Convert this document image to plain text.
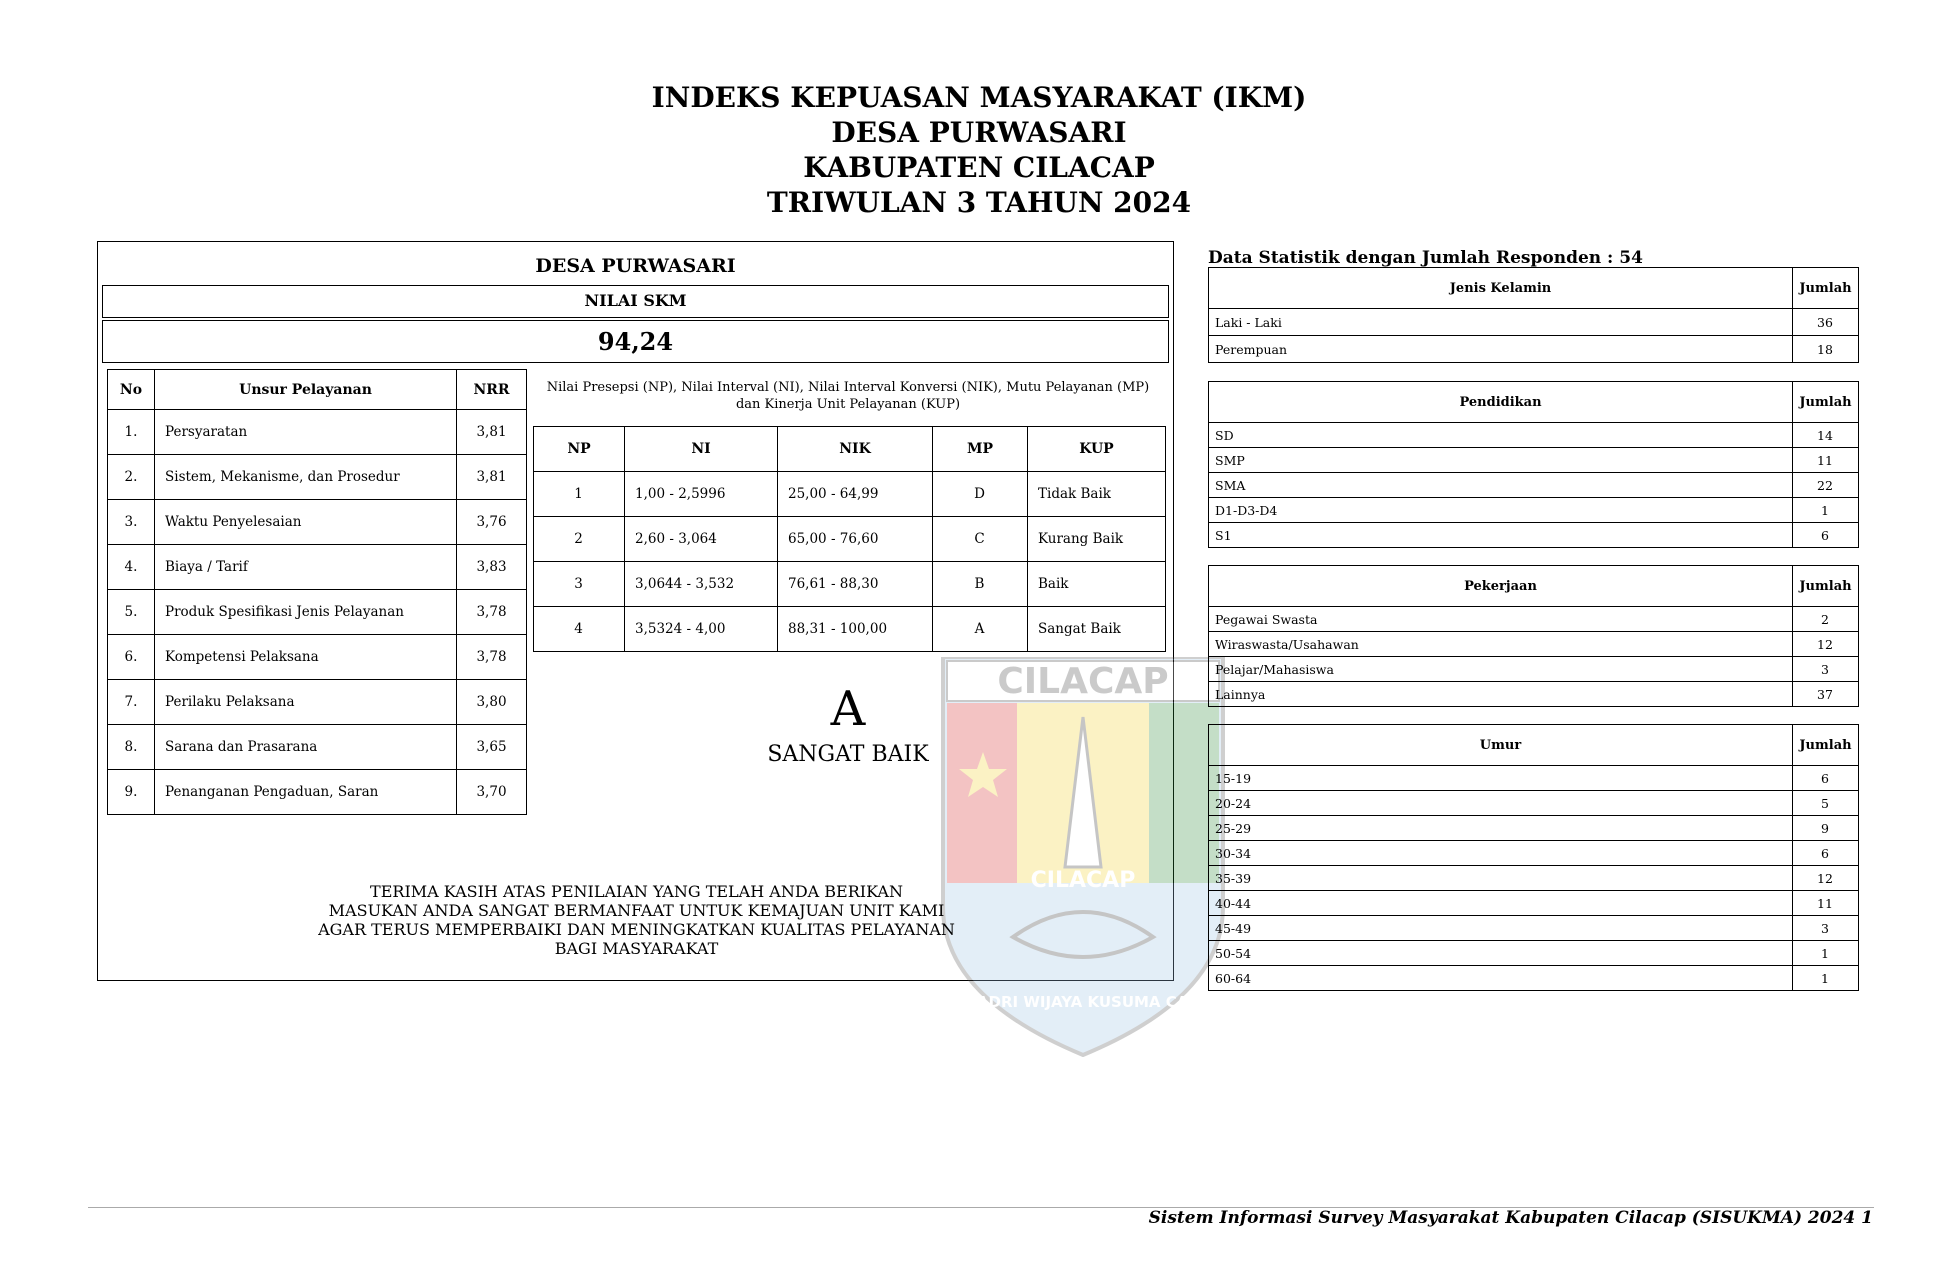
INDEKS KEPUASAN MASYARAKAT (IKM)
DESA PURWASARI
KABUPATEN CILACAP
TRIWULAN 3 TAHUN 2024
CILACAP
CILACAP
JALADRI WIJAYA KUSUMA CAKTI
DESA PURWASARI
NILAI SKM
94,24
No	Unsur Pelayanan	NRR
1.	Persyaratan	3,81
2.	Sistem, Mekanisme, dan Prosedur	3,81
3.	Waktu Penyelesaian	3,76
4.	Biaya / Tarif	3,83
5.	Produk Spesifikasi Jenis Pelayanan	3,78
6.	Kompetensi Pelaksana	3,78
7.	Perilaku Pelaksana	3,80
8.	Sarana dan Prasarana	3,65
9.	Penanganan Pengaduan, Saran	3,70
Nilai Presepsi (NP), Nilai Interval (NI), Nilai Interval Konversi (NIK), Mutu Pelayanan (MP)
dan Kinerja Unit Pelayanan (KUP)
NP	NI	NIK	MP	KUP
1	1,00 - 2,5996	25,00 - 64,99	D	Tidak Baik
2	2,60 - 3,064	65,00 - 76,60	C	Kurang Baik
3	3,0644 - 3,532	76,61 - 88,30	B	Baik
4	3,5324 - 4,00	88,31 - 100,00	A	Sangat Baik
A
SANGAT BAIK
TERIMA KASIH ATAS PENILAIAN YANG TELAH ANDA BERIKAN
MASUKAN ANDA SANGAT BERMANFAAT UNTUK KEMAJUAN UNIT KAMI
AGAR TERUS MEMPERBAIKI DAN MENINGKATKAN KUALITAS PELAYANAN
BAGI MASYARAKAT
Data Statistik dengan Jumlah Responden : 54
Jenis Kelamin	Jumlah
Laki - Laki	36
Perempuan	18
Pendidikan	Jumlah
SD	14
SMP	11
SMA	22
D1-D3-D4	1
S1	6
Pekerjaan	Jumlah
Pegawai Swasta	2
Wiraswasta/Usahawan	12
Pelajar/Mahasiswa	3
Lainnya	37
Umur	Jumlah
15-19	6
20-24	5
25-29	9
30-34	6
35-39	12
40-44	11
45-49	3
50-54	1
60-64	1
Sistem Informasi Survey Masyarakat Kabupaten Cilacap (SISUKMA) 2024 1
